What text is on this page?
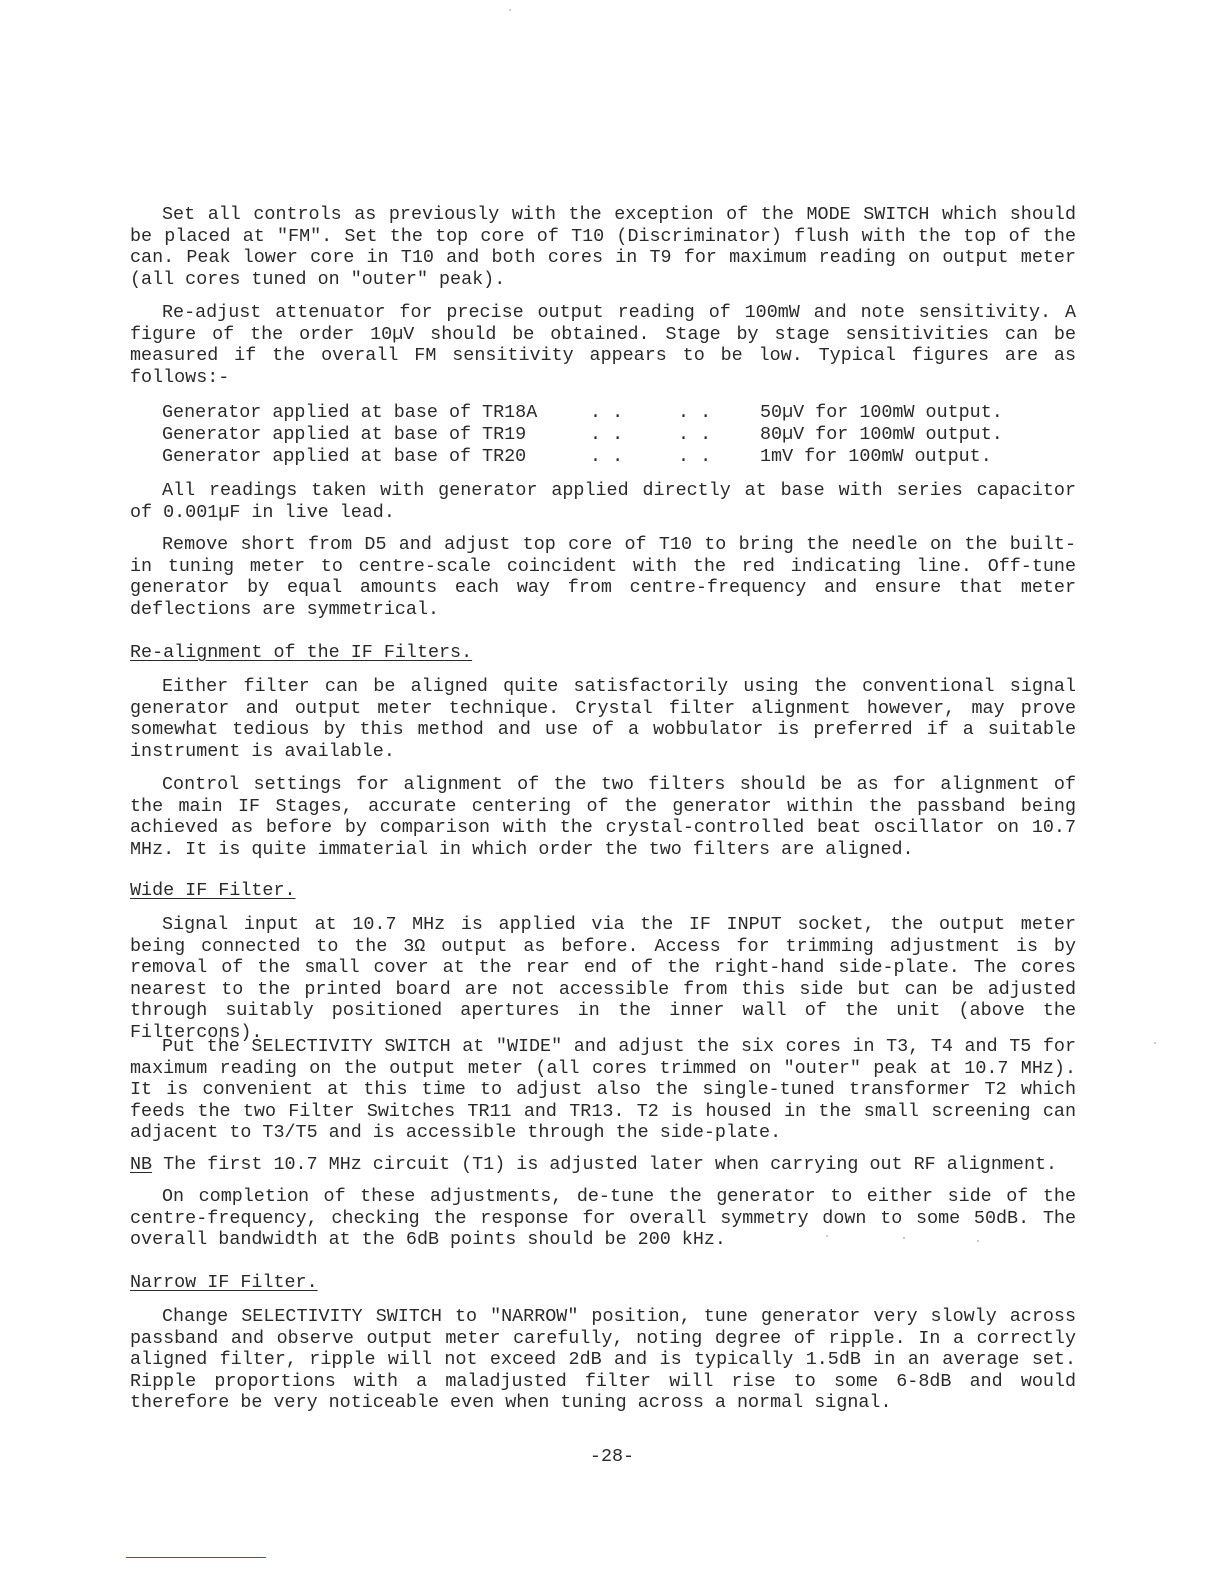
Set all controls as previously with the exception of the MODE SWITCH which should be placed at "FM". Set the top core of T10 (Discriminator) flush with the top of the can. Peak lower core in T10 and both cores in T9 for maximum reading on output meter (all cores tuned on "outer" peak).

Re-adjust attenuator for precise output reading of 100mW and note sensitivity. A figure of the order 10µV should be obtained. Stage by stage sensitivities can be measured if the overall FM sensitivity appears to be low. Typical figures are as follows:-

Generator applied at base of TR18A	. .	. .	50µV for 100mW output.
Generator applied at base of TR19	. .	. .	80µV for 100mW output.
Generator applied at base of TR20	. .	. .	1mV for 100mW output.

All readings taken with generator applied directly at base with series capacitor of 0.001µF in live lead.

Remove short from D5 and adjust top core of T10 to bring the needle on the built-in tuning meter to centre-scale coincident with the red indicating line. Off-tune generator by equal amounts each way from centre-frequency and ensure that meter deflections are symmetrical.

Re-alignment of the IF Filters.

Either filter can be aligned quite satisfactorily using the conventional signal generator and output meter technique. Crystal filter alignment however, may prove somewhat tedious by this method and use of a wobbulator is preferred if a suitable instrument is available.

Control settings for alignment of the two filters should be as for alignment of the main IF Stages, accurate centering of the generator within the passband being achieved as before by comparison with the crystal-controlled beat oscillator on 10.7 MHz. It is quite immaterial in which order the two filters are aligned.

Wide IF Filter.

Signal input at 10.7 MHz is applied via the IF INPUT socket, the output meter being connected to the 3Ω output as before. Access for trimming adjustment is by removal of the small cover at the rear end of the right-hand side-plate. The cores nearest to the printed board are not accessible from this side but can be adjusted through suitably positioned apertures in the inner wall of the unit (above the Filtercons).

Put the SELECTIVITY SWITCH at "WIDE" and adjust the six cores in T3, T4 and T5 for maximum reading on the output meter (all cores trimmed on "outer" peak at 10.7 MHz). It is convenient at this time to adjust also the single-tuned transformer T2 which feeds the two Filter Switches TR11 and TR13. T2 is housed in the small screening can adjacent to T3/T5 and is accessible through the side-plate.

NB The first 10.7 MHz circuit (T1) is adjusted later when carrying out RF alignment.

On completion of these adjustments, de-tune the generator to either side of the centre-frequency, checking the response for overall symmetry down to some 50dB. The overall bandwidth at the 6dB points should be 200 kHz.

Narrow IF Filter.

Change SELECTIVITY SWITCH to "NARROW" position, tune generator very slowly across passband and observe output meter carefully, noting degree of ripple. In a correctly aligned filter, ripple will not exceed 2dB and is typically 1.5dB in an average set. Ripple proportions with a maladjusted filter will rise to some 6-8dB and would therefore be very noticeable even when tuning across a normal signal.

-28-
